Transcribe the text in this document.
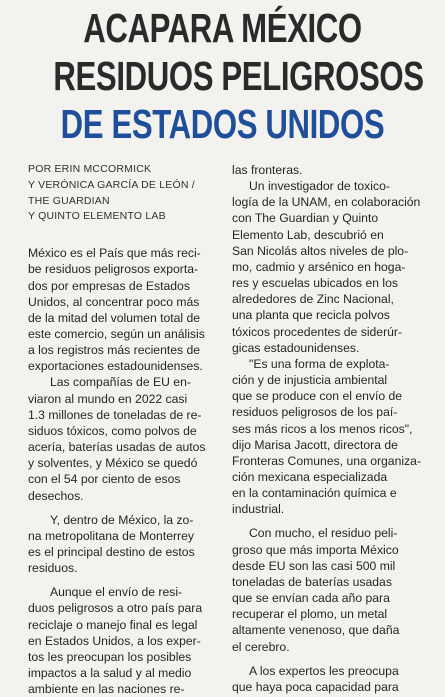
ACAPARA MÉXICO
RESIDUOS PELIGROSOS
DE ESTADOS UNIDOS

POR ERIN MCCORMICK

Y VERÓNICA GARCÍA DE LEÓN /

THE GUARDIAN

Y QUINTO ELEMENTO LAB

México es el País que más reci-
be residuos peligrosos exporta-
dos por empresas de Estados
Unidos, al concentrar poco más
de la mitad del volumen total de
este comercio, según un análisis
a los registros más recientes de
exportaciones estadounidenses.

Las compañías de EU en-
viaron al mundo en 2022 casi
1.3 millones de toneladas de re-
siduos tóxicos, como polvos de
acería, baterías usadas de autos
y solventes, y México se quedó
con el 54 por ciento de esos
desechos.

Y, dentro de México, la zo-
na metropolitana de Monterrey
es el principal destino de estos
residuos.

Aunque el envío de resi-
duos peligrosos a otro país para
reciclaje o manejo final es legal
en Estados Unidos, a los exper-
tos les preocupan los posibles
impactos a la salud y al medio
ambiente en las naciones re-

las fronteras.

Un investigador de toxico-
logía de la UNAM, en colaboración
con The Guardian y Quinto
Elemento Lab, descubrió en
San Nicolás altos niveles de plo-
mo, cadmio y arsénico en hoga-
res y escuelas ubicados en los
alrededores de Zinc Nacional,
una planta que recicla polvos
tóxicos procedentes de siderúr-
gicas estadounidenses.

"Es una forma de explota-
ción y de injusticia ambiental
que se produce con el envío de
residuos peligrosos de los paí-
ses más ricos a los menos ricos",
dijo Marisa Jacott, directora de
Fronteras Comunes, una organiza-
ción mexicana especializada
en la contaminación química e
industrial.

Con mucho, el residuo peli-
groso que más importa México
desde EU son las casi 500 mil
toneladas de baterías usadas
que se envían cada año para
recuperar el plomo, un metal
altamente venenoso, que daña
el cerebro.

A los expertos les preocupa
que haya poca capacidad para
